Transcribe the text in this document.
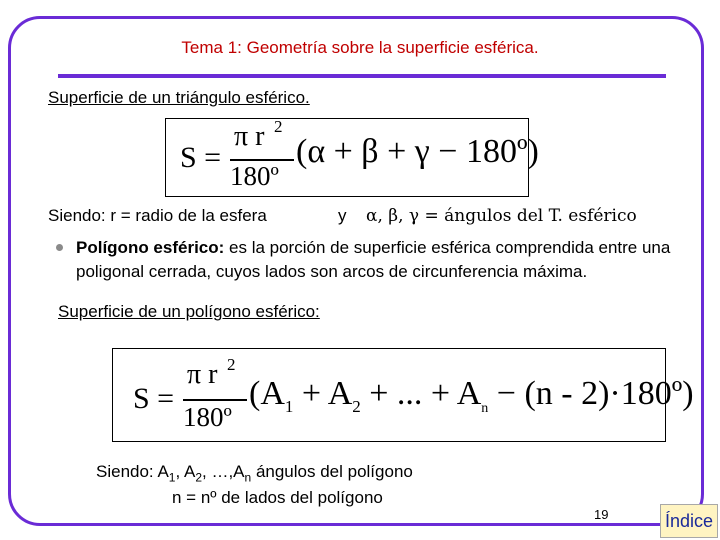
Tema 1: Geometría sobre la superficie esférica.
Superficie de un triángulo esférico.
S =
π r 2
180º
(α + β + γ − 180º)
Siendo: r = radio de la esfera	y α, β, γ = ángulos del T. esférico
Polígono esférico: es la porción de superficie esférica comprendida entre una poligonal cerrada, cuyos lados son arcos de circunferencia máxima.
Superficie de un polígono esférico:
S =
π r 2
180º
($A_1 + A_2$ + ... + $A_n - (n$ - 2)·180º)
Siendo: $A_1$, $A_2$, $\dots,A_n$ ángulos del polígono
n = nº de lados del polígono
19	Índice
